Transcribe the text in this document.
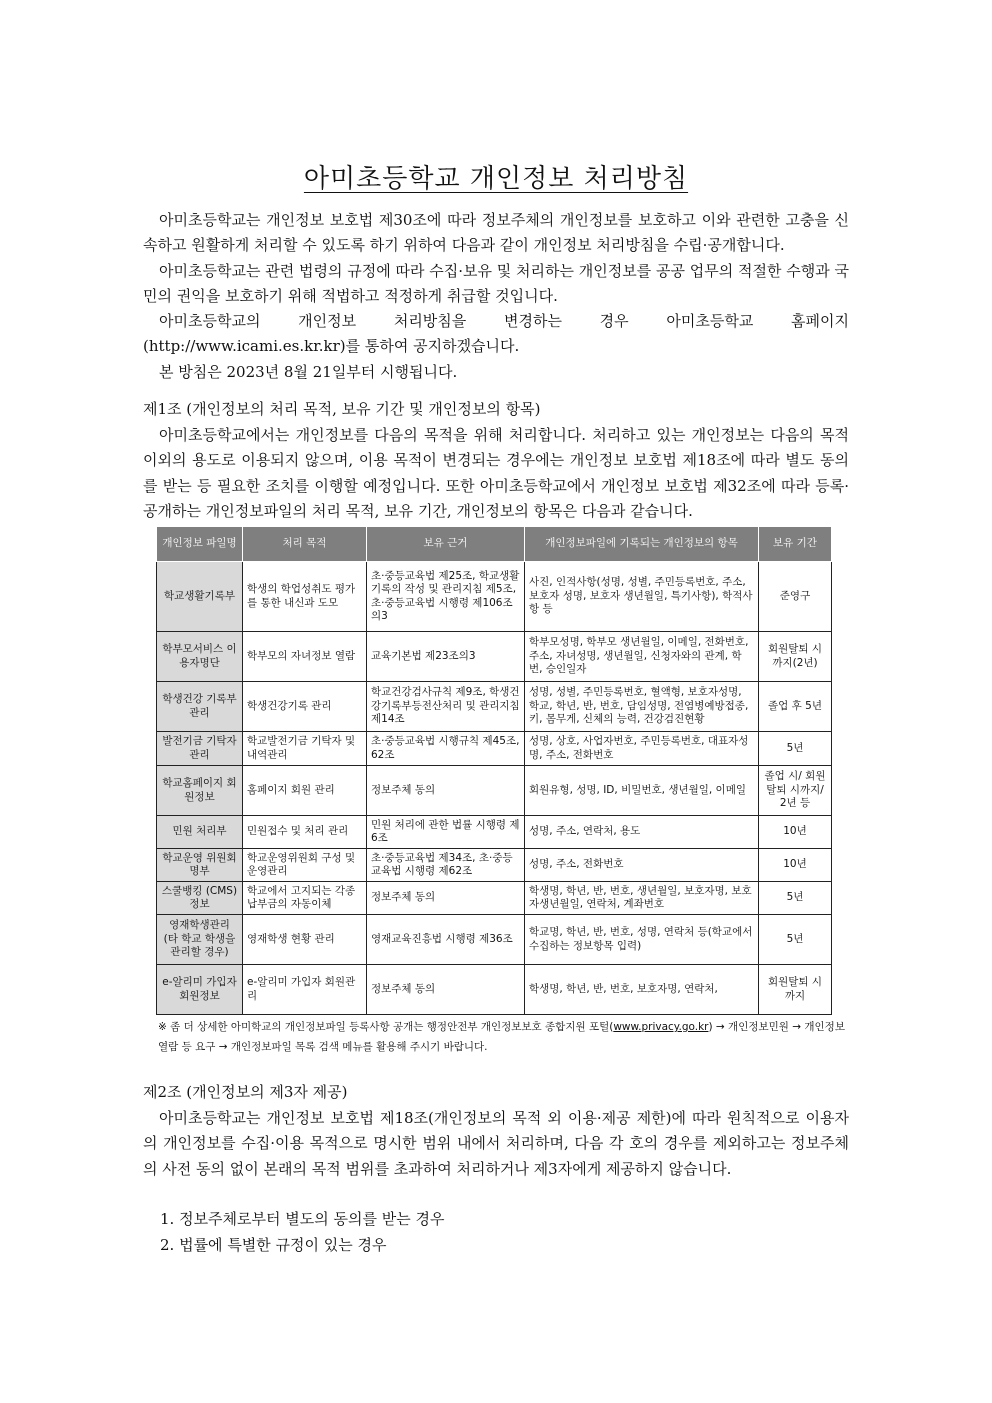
아미초등학교 개인정보 처리방침

아미초등학교는 개인정보 보호법 제30조에 따라 정보주체의 개인정보를 보호하고 이와 관련한 고충을 신속하고 원활하게 처리할 수 있도록 하기 위하여 다음과 같이 개인정보 처리방침을 수립·공개합니다.

아미초등학교는 관련 법령의 규정에 따라 수집·보유 및 처리하는 개인정보를 공공 업무의 적절한 수행과 국민의 권익을 보호하기 위해 적법하고 적정하게 취급할 것입니다.

아미초등학교의 개인정보 처리방침을 변경하는 경우 아미초등학교 홈페이지(http://www.icami.es.kr.kr)를 통하여 공지하겠습니다.

본 방침은 2023년 8월 21일부터 시행됩니다.

제1조 (개인정보의 처리 목적, 보유 기간 및 개인정보의 항목)

아미초등학교에서는 개인정보를 다음의 목적을 위해 처리합니다. 처리하고 있는 개인정보는 다음의 목적 이외의 용도로 이용되지 않으며, 이용 목적이 변경되는 경우에는 개인정보 보호법 제18조에 따라 별도 동의를 받는 등 필요한 조치를 이행할 예정입니다. 또한 아미초등학교에서 개인정보 보호법 제32조에 따라 등록·공개하는 개인정보파일의 처리 목적, 보유 기간, 개인정보의 항목은 다음과 같습니다.

개인정보 파일명	처리 목적	보유 근거	개인정보파일에 기록되는 개인정보의 항목	보유 기간
학교생활기록부	학생의 학업성취도 평가를 통한 내신과 도모	초·중등교육법 제25조, 학교생활기록의 작성 및 관리지침 제5조, 초·중등교육법 시행령 제106조의3	사진, 인적사항(성명, 성별, 주민등록번호, 주소, 보호자 성명, 보호자 생년월일, 특기사항), 학적사항 등	준영구
학부모서비스 이용자명단	학부모의 자녀정보 열람	교육기본법 제23조의3	학부모성명, 학부모 생년월일, 이메일, 전화번호, 주소, 자녀성명, 생년월일, 신청자와의 관계, 학번, 승인일자	회원탈퇴 시까지(2년)
학생건강 기록부관리	학생건강기록 관리	학교건강검사규칙 제9조, 학생건강기록부등전산처리 및 관리지침 제14조	성명, 성별, 주민등록번호, 혈액형, 보호자성명, 학교, 학년, 반, 번호, 담임성명, 전염병예방접종, 키, 몸무게, 신체의 능력, 건강검진현황	졸업 후 5년
발전기금 기탁자관리	학교발전기금 기탁자 및 내역관리	초·중등교육법 시행규칙 제45조, 62조	성명, 상호, 사업자번호, 주민등록번호, 대표자성명, 주소, 전화번호	5년
학교홈페이지 회원정보	홈페이지 회원 관리	정보주체 동의	회원유형, 성명, ID, 비밀번호, 생년월일, 이메일	졸업 시/ 회원탈퇴 시까지/ 2년 등
민원 처리부	민원접수 및 처리 관리	민원 처리에 관한 법률 시행령 제6조	성명, 주소, 연락처, 용도	10년
학교운영 위원회명부	학교운영위원회 구성 및 운영관리	초·중등교육법 제34조, 초·중등교육법 시행령 제62조	성명, 주소, 전화번호	10년
스쿨뱅킹 (CMS)정보	학교에서 고지되는 각종 납부금의 자동이체	정보주체 동의	학생명, 학년, 반, 번호, 생년월일, 보호자명, 보호자생년월일, 연락처, 계좌번호	5년
영재학생관리 (타 학교 학생을 관리할 경우)	영재학생 현황 관리	영재교육진흥법 시행령 제36조	학교명, 학년, 반, 번호, 성명, 연락처 등(학교에서 수집하는 정보항목 입력)	5년
e-알리미 가입자 회원정보	e-알리미 가입자 회원관리	정보주체 동의	학생명, 학년, 반, 번호, 보호자명, 연락처,	회원탈퇴 시까지
※ 좀 더 상세한 아미학교의 개인정보파일 등록사항 공개는 행정안전부 개인정보보호 종합지원 포털(www.privacy.go.kr) → 개인정보민원 → 개인정보열람 등 요구 → 개인정보파일 목록 검색 메뉴를 활용해 주시기 바랍니다.
제2조 (개인정보의 제3자 제공)

아미초등학교는 개인정보 보호법 제18조(개인정보의 목적 외 이용·제공 제한)에 따라 원칙적으로 이용자의 개인정보를 수집·이용 목적으로 명시한 범위 내에서 처리하며, 다음 각 호의 경우를 제외하고는 정보주체의 사전 동의 없이 본래의 목적 범위를 초과하여 처리하거나 제3자에게 제공하지 않습니다.

1. 정보주체로부터 별도의 동의를 받는 경우
2. 법률에 특별한 규정이 있는 경우
